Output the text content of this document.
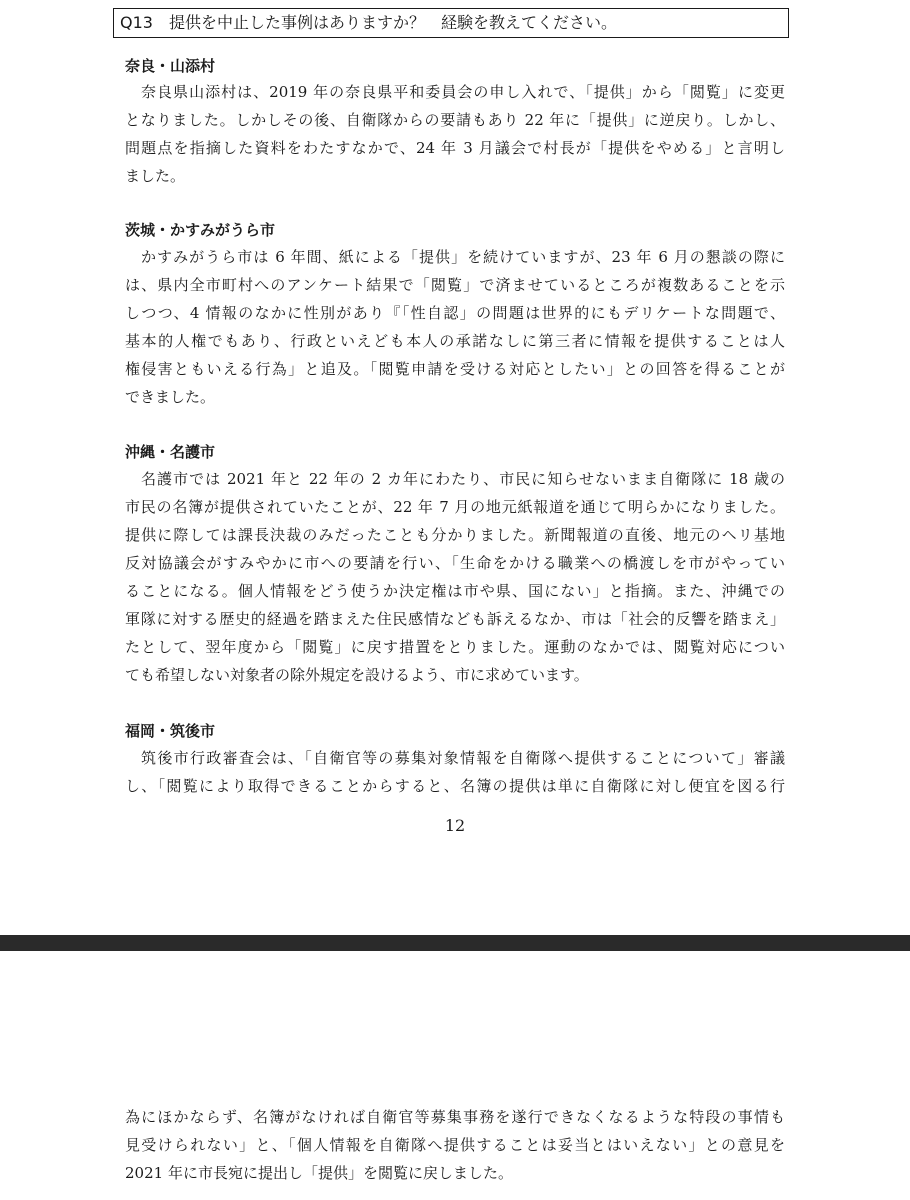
Q13　提供を中止した事例はありますか？　経験を教えてください。
奈良・山添村
奈良県山添村は、2019 年の奈良県平和委員会の申し入れで、「提供」から「閲覧」に変更
となりました。しかしその後、自衛隊からの要請もあり 22 年に「提供」に逆戻り。しかし、
問題点を指摘した資料をわたすなかで、24 年 3 月議会で村長が「提供をやめる」と言明し
ました。
茨城・かすみがうら市
かすみがうら市は 6 年間、紙による「提供」を続けていますが、23 年 6 月の懇談の際に
は、県内全市町村へのアンケート結果で「閲覧」で済ませているところが複数あることを示
しつつ、4 情報のなかに性別があり『「性自認」の問題は世界的にもデリケートな問題で、
基本的人権でもあり、行政といえども本人の承諾なしに第三者に情報を提供することは人
権侵害ともいえる行為」と追及。「閲覧申請を受ける対応としたい」との回答を得ることが
できました。
沖縄・名護市
名護市では 2021 年と 22 年の 2 カ年にわたり、市民に知らせないまま自衛隊に 18 歳の
市民の名簿が提供されていたことが、22 年 7 月の地元紙報道を通じて明らかになりました。
提供に際しては課長決裁のみだったことも分かりました。新聞報道の直後、地元のヘリ基地
反対協議会がすみやかに市への要請を行い、「生命をかける職業への橋渡しを市がやってい
ることになる。個人情報をどう使うか決定権は市や県、国にない」と指摘。また、沖縄での
軍隊に対する歴史的経過を踏まえた住民感情なども訴えるなか、市は「社会的反響を踏まえ」
たとして、翌年度から「閲覧」に戻す措置をとりました。運動のなかでは、閲覧対応につい
ても希望しない対象者の除外規定を設けるよう、市に求めています。
福岡・筑後市
筑後市行政審査会は、「自衛官等の募集対象情報を自衛隊へ提供することについて」審議
し、「閲覧により取得できることからすると、名簿の提供は単に自衛隊に対し便宜を図る行
12
為にほかならず、名簿がなければ自衛官等募集事務を遂行できなくなるような特段の事情も
見受けられない」と、「個人情報を自衛隊へ提供することは妥当とはいえない」との意見を
2021 年に市長宛に提出し「提供」を閲覧に戻しました。
